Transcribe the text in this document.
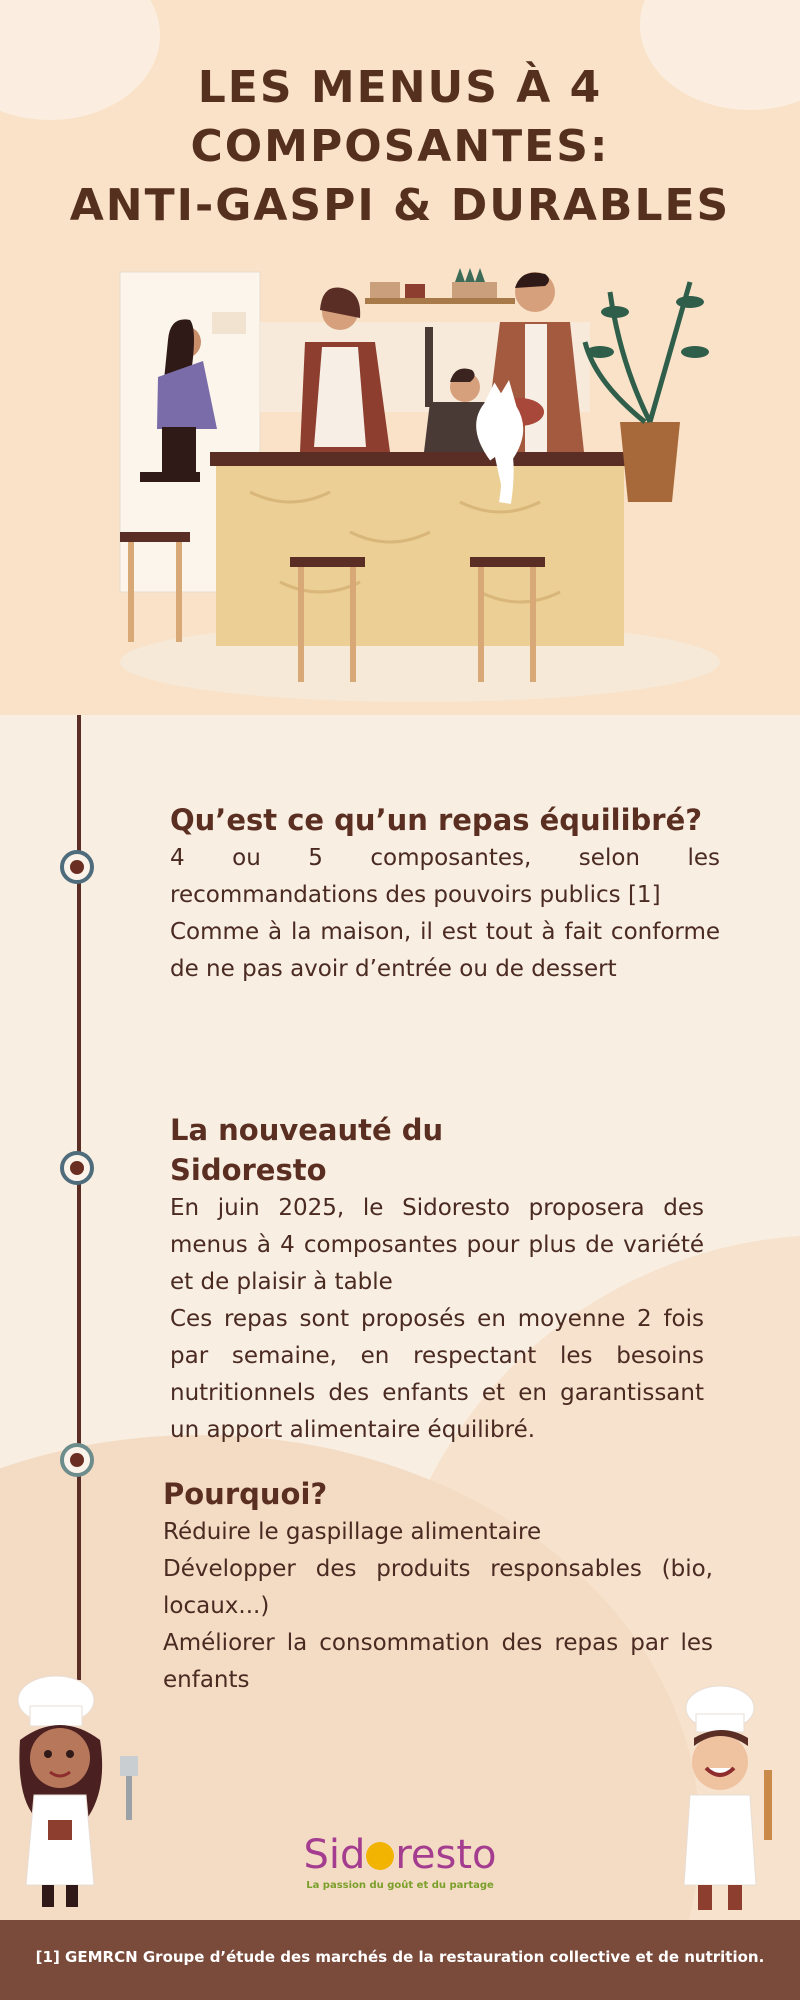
LES MENUS À 4
COMPOSANTES:
ANTI-GASPI & DURABLES
Qu’est ce qu’un repas équilibré?

4 ou 5 composantes, selon les recommandations des pouvoirs publics [1]

Comme à la maison, il est tout à fait conforme de ne pas avoir d’entrée ou de dessert

La nouveauté du
Sidoresto

En juin 2025, le Sidoresto proposera des menus à 4 composantes pour plus de variété et de plaisir à table

Ces repas sont proposés en moyenne 2 fois par semaine, en respectant les besoins nutritionnels des enfants et en garantissant un apport alimentaire équilibré.

Pourquoi?

Réduire le gaspillage alimentaire

Développer des produits responsables (bio, locaux...)

Améliorer la consommation des repas par les enfants

Sid resto
La passion du goût et du partage

[1] GEMRCN Groupe d’étude des marchés de la restauration collective et de nutrition.
